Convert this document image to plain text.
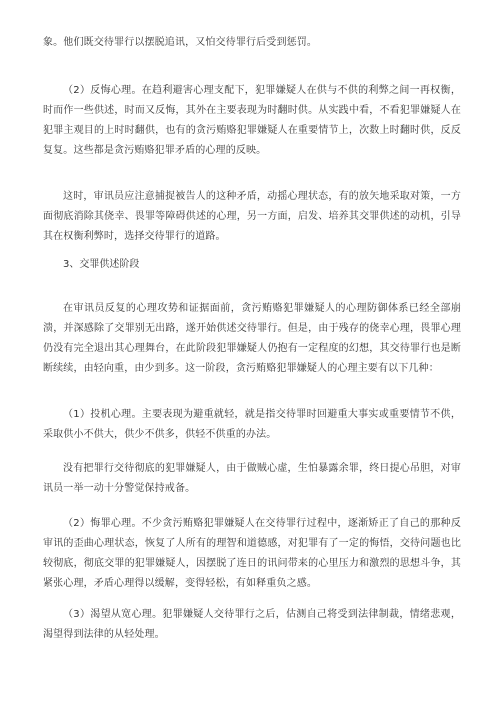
象。他们既交待罪行以摆脱追讯，又怕交待罪行后受到惩罚。

（2）反悔心理。在趋利避害心理支配下，犯罪嫌疑人在供与不供的利弊之间一再权衡，时而作一些供述，时而又反悔，其外在主要表现为时翻时供。从实践中看，不看犯罪嫌疑人在犯罪主观目的上时时翻供，也有的贪污贿赂犯罪嫌疑人在重要情节上，次数上时翻时供，反反复复。这些都是贪污贿赂犯罪矛盾的心理的反映。

这时，审讯员应注意捕捉被告人的这种矛盾，动摇心理状态，有的放矢地采取对策，一方面彻底消除其侥幸、畏罪等障碍供述的心理，另一方面，启发、培养其交罪供述的动机，引导其在权衡利弊时，选择交待罪行的道路。

3、交罪供述阶段

在审讯员反复的心理攻势和证据面前，贪污贿赂犯罪嫌疑人的心理防御体系已经全部崩溃，并深感除了交罪别无出路，遂开始供述交待罪行。但是，由于残存的侥幸心理，畏罪心理仍没有完全退出其心理舞台，在此阶段犯罪嫌疑人仍抱有一定程度的幻想，其交待罪行也是断断续续，由轻向重，由少到多。这一阶段，贪污贿赂犯罪嫌疑人的心理主要有以下几种：

（1）投机心理。主要表现为避重就轻，就是指交待罪时回避重大事实或重要情节不供，采取供小不供大，供少不供多，供轻不供重的办法。

没有把罪行交待彻底的犯罪嫌疑人，由于做贼心虚，生怕暴露余罪，终日提心吊胆，对审讯员一举一动十分警觉保持戒备。

（2）悔罪心理。不少贪污贿赂犯罪嫌疑人在交待罪行过程中，逐渐矫正了自己的那种反审讯的歪曲心理状态，恢复了人所有的理智和道德感，对犯罪有了一定的悔悟，交待问题也比较彻底，彻底交罪的犯罪嫌疑人，因摆脱了连日的讯问带来的心里压力和激烈的思想斗争，其紧张心理，矛盾心理得以缓解，变得轻松，有如释重负之感。

（3）渴望从宽心理。犯罪嫌疑人交待罪行之后，估测自己将受到法律制裁，情绪悲观，渴望得到法律的从轻处理。
